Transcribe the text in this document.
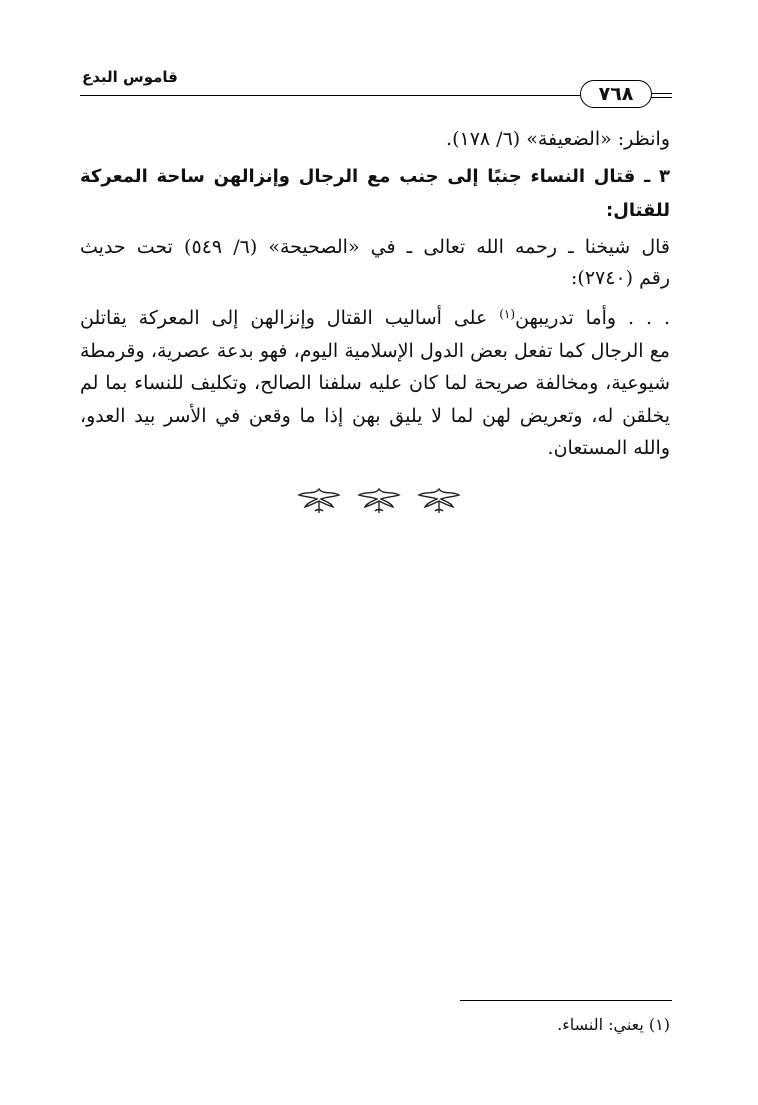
قاموس البدع
٧٦٨
وانظر: «الضعيفة» (٦/ ١٧٨).
٣ ـ قتال النساء جنبًا إلى جنب مع الرجال وإنزالهن ساحة المعركة
للقتال:
قال شيخنا ـ رحمه الله تعالى ـ في «الصحيحة» (٦/ ٥٤٩) تحت حديث
رقم (٢٧٤٠):
. . . وأما تدريبهن$^{(١)}$ على أساليب القتال وإنزالهن إلى المعركة يقاتلن
مع الرجال كما تفعل بعض الدول الإسلامية اليوم، فهو بدعة عصرية، وقرمطة
شيوعية، ومخالفة صريحة لما كان عليه سلفنا الصالح، وتكليف للنساء بما لم
يخلقن له، وتعريض لهن لما لا يليق بهن إذا ما وقعن في الأسر بيد العدو،
والله المستعان.
(١) يعني: النساء.
